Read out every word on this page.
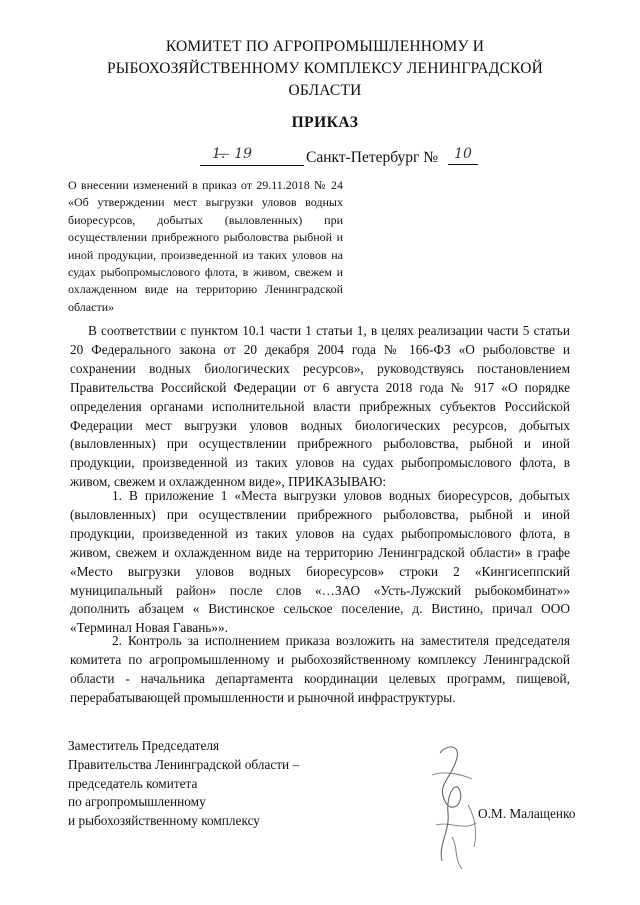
КОМИТЕТ ПО АГРОПРОМЫШЛЕННОМУ И
РЫБОХОЗЯЙСТВЕННОМУ КОМПЛЕКСУ ЛЕНИНГРАДСКОЙ
ОБЛАСТИ
ПРИКАЗ
1.̶ ̶ 19	Санкт-Петербург №	10
О внесении изменений в приказ от 29.11.2018 № 24 «Об утверждении мест выгрузки уловов водных биоресурсов, добытых (выловленных) при осуществлении прибрежного рыболовства рыбной и иной продукции, произведенной из таких уловов на судах рыбопромыслового флота, в живом, свежем и охлажденном виде на территорию Ленинградской области»
В соответствии с пунктом 10.1 части 1 статьи 1, в целях реализации части 5 статьи 20 Федерального закона от 20 декабря 2004 года № 166-ФЗ «О рыболовстве и сохранении водных биологических ресурсов», руководствуясь постановлением Правительства Российской Федерации от 6 августа 2018 года № 917 «О порядке определения органами исполнительной власти прибрежных субъектов Российской Федерации мест выгрузки уловов водных биологических ресурсов, добытых (выловленных) при осуществлении прибрежного рыболовства, рыбной и иной продукции, произведенной из таких уловов на судах рыбопромыслового флота, в живом, свежем и охлажденном виде», ПРИКАЗЫВАЮ:
1. В приложение 1 «Места выгрузки уловов водных биоресурсов, добытых (выловленных) при осуществлении прибрежного рыболовства, рыбной и иной продукции, произведенной из таких уловов на судах рыбопромыслового флота, в живом, свежем и охлажденном виде на территорию Ленинградской области» в графе «Место выгрузки уловов водных биоресурсов» строки 2 «Кингисеппский муниципальный район» после слов «…ЗАО «Усть-Лужский рыбокомбинат»» дополнить абзацем « Вистинское сельское поселение, д. Вистино, причал ООО «Терминал Новая Гавань»».
2. Контроль за исполнением приказа возложить на заместителя председателя комитета по агропромышленному и рыбохозяйственному комплексу Ленинградской области - начальника департамента координации целевых программ, пищевой, перерабатывающей промышленности и рыночной инфраструктуры.
Заместитель Председателя
Правительства Ленинградской области –
председатель комитета
по агропромышленному
и рыбохозяйственному комплексу	О.М. Малащенко
